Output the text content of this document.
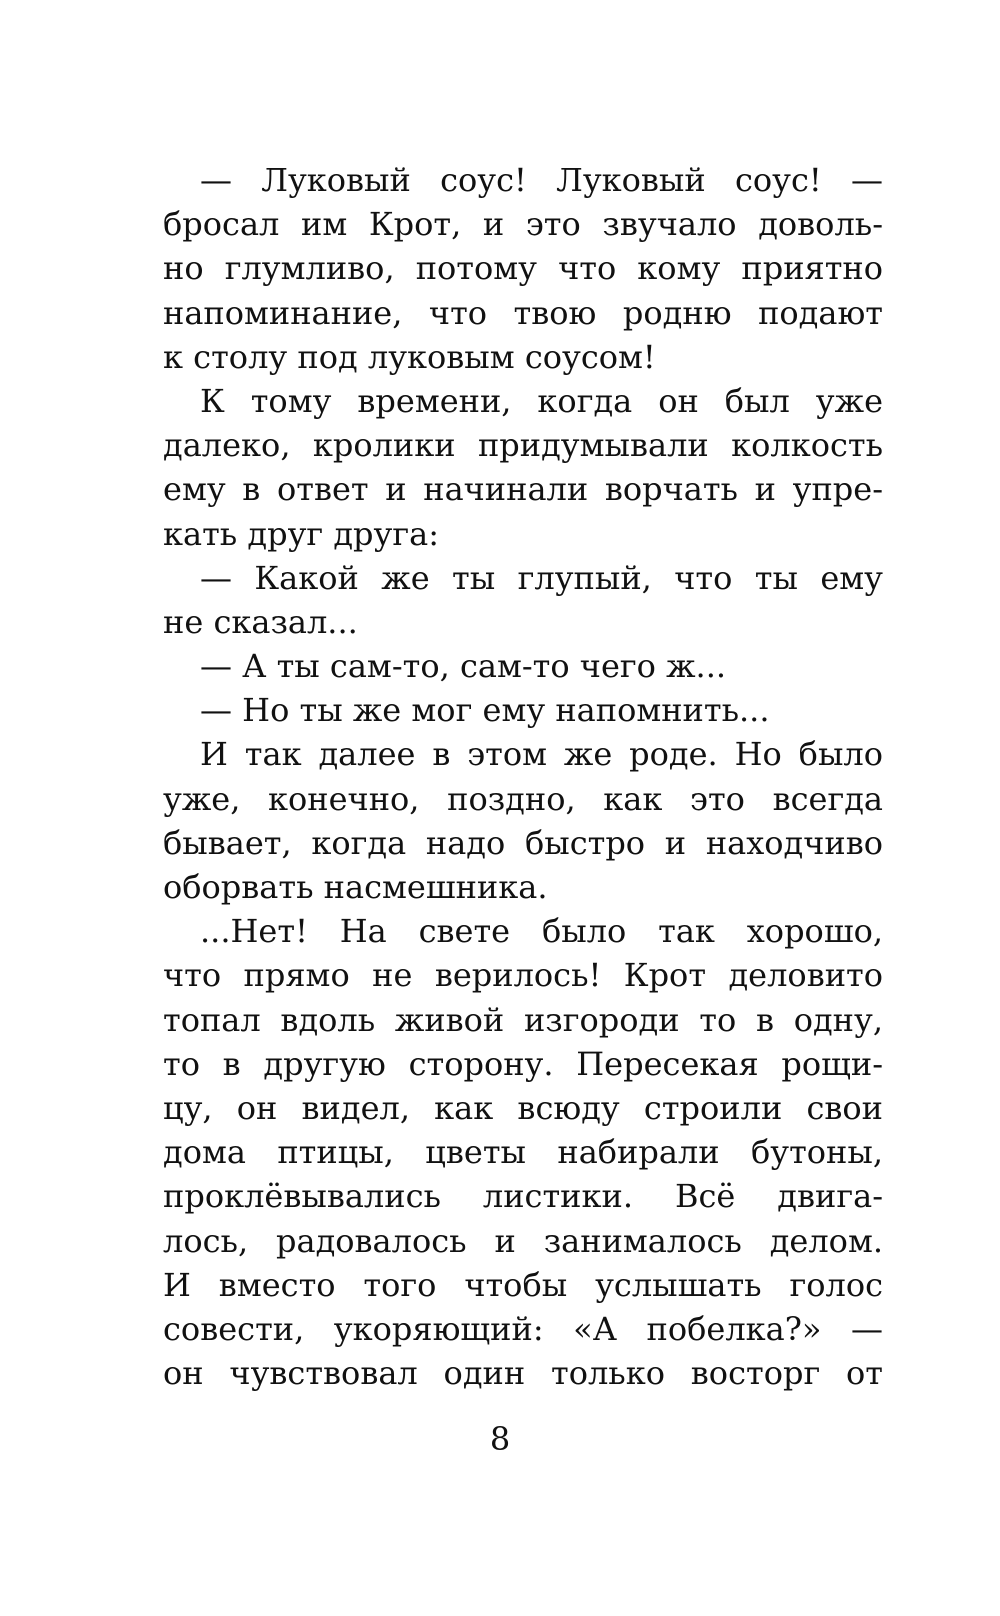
— Луковый соус! Луковый соус! —
бросал им Крот, и это звучало доволь-
но глумливо, потому что кому приятно
напоминание, что твою родню подают
к столу под луковым соусом!
К тому времени, когда он был уже
далеко, кролики придумывали колкость
ему в ответ и начинали ворчать и упре-
кать друг друга:
— Какой же ты глупый, что ты ему
не сказал...
— А ты сам-то, сам-то чего ж...
— Но ты же мог ему напомнить...
И так далее в этом же роде. Но было
уже, конечно, поздно, как это всегда
бывает, когда надо быстро и находчиво
оборвать насмешника.
...Нет! На свете было так хорошо,
что прямо не верилось! Крот деловито
топал вдоль живой изгороди то в одну,
то в другую сторону. Пересекая рощи-
цу, он видел, как всюду строили свои
дома птицы, цветы набирали бутоны,
проклёвывались листики. Всё двига-
лось, радовалось и занималось делом.
И вместо того чтобы услышать голос
совести, укоряющий: «А побелка?» —
он чувствовал один только восторг от
8
